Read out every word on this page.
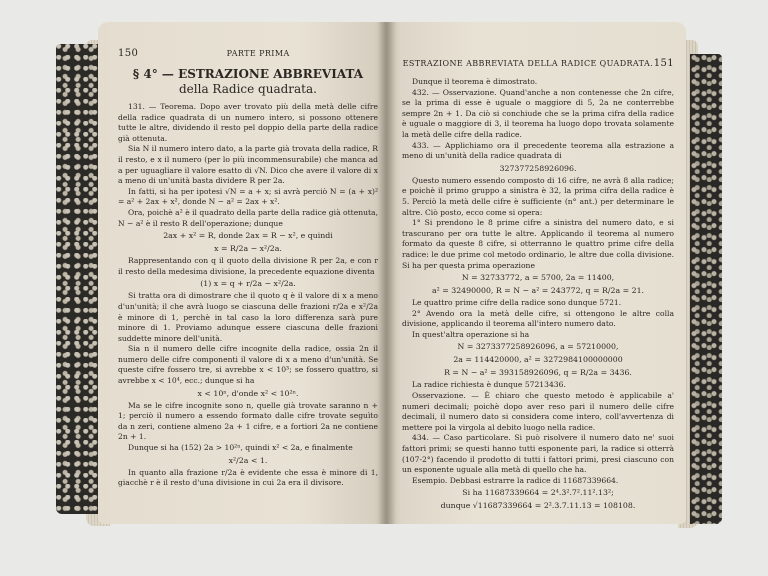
150	PARTE PRIMA
§ 4° — ESTRAZIONE ABBREVIATA
della Radice quadrata.

131. — Teorema. Dopo aver trovato più della metà delle cifre della radice quadrata di un numero intero, si possono ottenere tutte le altre, dividendo il resto pel doppio della parte della radice già ottenuta.

Sia N il numero intero dato, a la parte già trovata della radice, R il resto, e x il numero (per lo più incommensurabile) che manca ad a per uguagliare il valore esatto di √N. Dico che avere il valore di x a meno di un'unità basta dividere R per 2a.

In fatti, si ha per ipotesi √N = a + x; si avrà perciò N = (a + x)² = a² + 2ax + x², donde N − a² = 2ax + x².

Ora, poichè a² è il quadrato della parte della radice già ottenuta, N − a² è il resto R dell'operazione; dunque

2ax + x² = R, donde 2ax = R − x², e quindi
x = R/2a − x²/2a.

Rappresentando con q il quoto della divisione R per 2a, e con r il resto della medesima divisione, la precedente equazione diventa

(1) x = q + r/2a − x²/2a.

Si tratta ora di dimostrare che il quoto q è il valore di x a meno d'un'unità; il che avrà luogo se ciascuna delle frazioni r/2a e x²/2a è minore di 1, perchè in tal caso la loro differenza sarà pure minore di 1. Proviamo adunque essere ciascuna delle frazioni suddette minore dell'unità.

Sia n il numero delle cifre incognite della radice, ossia 2n il numero delle cifre componenti il valore di x a meno d'un'unità. Se queste cifre fossero tre, si avrebbe x < 10³; se fossero quattro, si avrebbe x < 10⁴, ecc.; dunque si ha

x < 10ⁿ, d'onde x² < 10²ⁿ.

Ma se le cifre incognite sono n, quelle già trovate saranno n + 1; perciò il numero a essendo formato dalle cifre trovate seguìto da n zeri, contiene almeno 2a + 1 cifre, e a fortiori 2a ne contiene 2n + 1.

Dunque si ha (152) 2a > 10²ⁿ, quindi x² < 2a, e finalmente

x²/2a < 1.

In quanto alla frazione r/2a è evidente che essa è minore di 1, giacchè r è il resto d'una divisione in cui 2a era il divisore.

ESTRAZIONE ABBREVIATA DELLA RADICE QUADRATA. 151

Dunque il teorema è dimostrato.

432. — Osservazione. Quand'anche a non contenesse che 2n cifre, se la prima di esse è uguale o maggiore di 5, 2a ne conterrebbe sempre 2n + 1. Da ciò si conchiude che se la prima cifra della radice è uguale o maggiore di 3, il teorema ha luogo dopo trovata solamente la metà delle cifre della radice.

433. — Applichiamo ora il precedente teorema alla estrazione a meno di un'unità della radice quadrata di

32737725892609​6.

Questo numero essendo composto di 16 cifre, ne avrà 8 alla radice; e poichè il primo gruppo a sinistra è 32, la prima cifra della radice è 5. Perciò la metà delle cifre è sufficiente (n° ant.) per determinare le altre. Ciò posto, ecco come si opera:

1° Si prendono le 8 prime cifre a sinistra del numero dato, e si trascurano per ora tutte le altre. Applicando il teorema al numero formato da queste 8 cifre, si otterranno le quattro prime cifre della radice: le due prime col metodo ordinario, le altre due colla divisione. Si ha per questa prima operazione

N = 32733772, a = 5700, 2a = 11400,
a² = 32490000, R = N − a² = 243772, q = R/2a = 21.

Le quattro prime cifre della radice sono dunque 5721.

2° Avendo ora la metà delle cifre, si ottengono le altre colla divisione, applicando il teorema all'intero numero dato.

In quest'altra operazione si ha

N = 3273377258926096, a = 57210000,
2a = 114420000, a² = 3272984100000000
R = N − a² = 393158926096, q = R/2a = 3436.

La radice richiesta è dunque 57213436.

Osservazione. — È chiaro che questo metodo è applicabile a' numeri decimali; poichè dopo aver reso pari il numero delle cifre decimali, il numero dato si considera come intero, coll'avvertenza di mettere poi la virgola al debito luogo nella radice.

434. — Caso particolare. Si può risolvere il numero dato ne' suoi fattori primi; se questi hanno tutti esponente pari, la radice si otterrà (107-2°) facendo il prodotto di tutti i fattori primi, presi ciascuno con un esponente uguale alla metà di quello che ha.

Esempio. Debbasi estrarre la radice di 11687339664.

Si ha 11687339664 = 2⁴.3².7².11².13²;
dunque √11687339664 = 2².3.7.11.13 = 108108.
